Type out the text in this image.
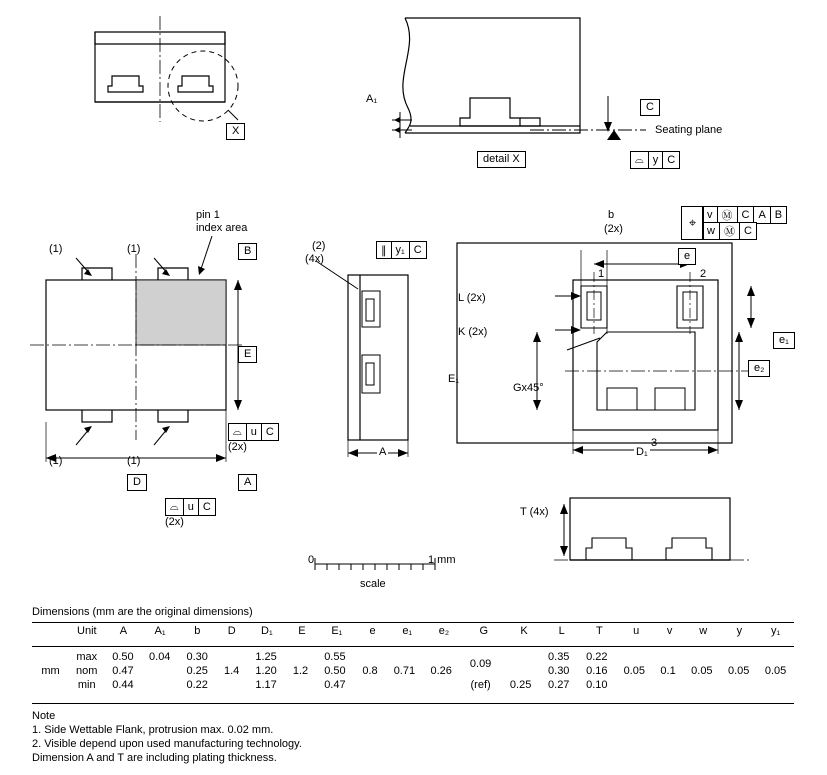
X
A₁
detail X
C
Seating plane
⌓ y C
(1)	(1)
(1)	(1)
pin 1
index area
B
E
D	A
⌓ u C
(2x)
⌓ u C
(2x)
(2)
(4x)
∥ y₁ C
A
v Ⓜ C A B
w Ⓜ C
⌖
b
(2x)
e
1	2
3
L (2x)
K (2x)
E₁
Gx45°
e₁
e₂
D₁
T (4x)
0	1 mm
scale
Dimensions (mm are the original dimensions)
	Unit	A	A₁	b	D	D₁	E	E₁	e	e₁	e₂	G	K	L	T	u	v	w	y	y₁
	max	0.50	0.04	0.30		1.25		0.55				0.09		0.35	0.22					
mm	nom	0.47		0.25	1.4	1.20	1.2	0.50	0.8	0.71	0.26			0.30	0.16	0.05	0.1	0.05	0.05	0.05
	min	0.44		0.22		1.17		0.47				(ref)	0.25	0.27	0.10					
Note
1. Side Wettable Flank, protrusion max. 0.02 mm.
2. Visible depend upon used manufacturing technology.
Dimension A and T are including plating thickness.
